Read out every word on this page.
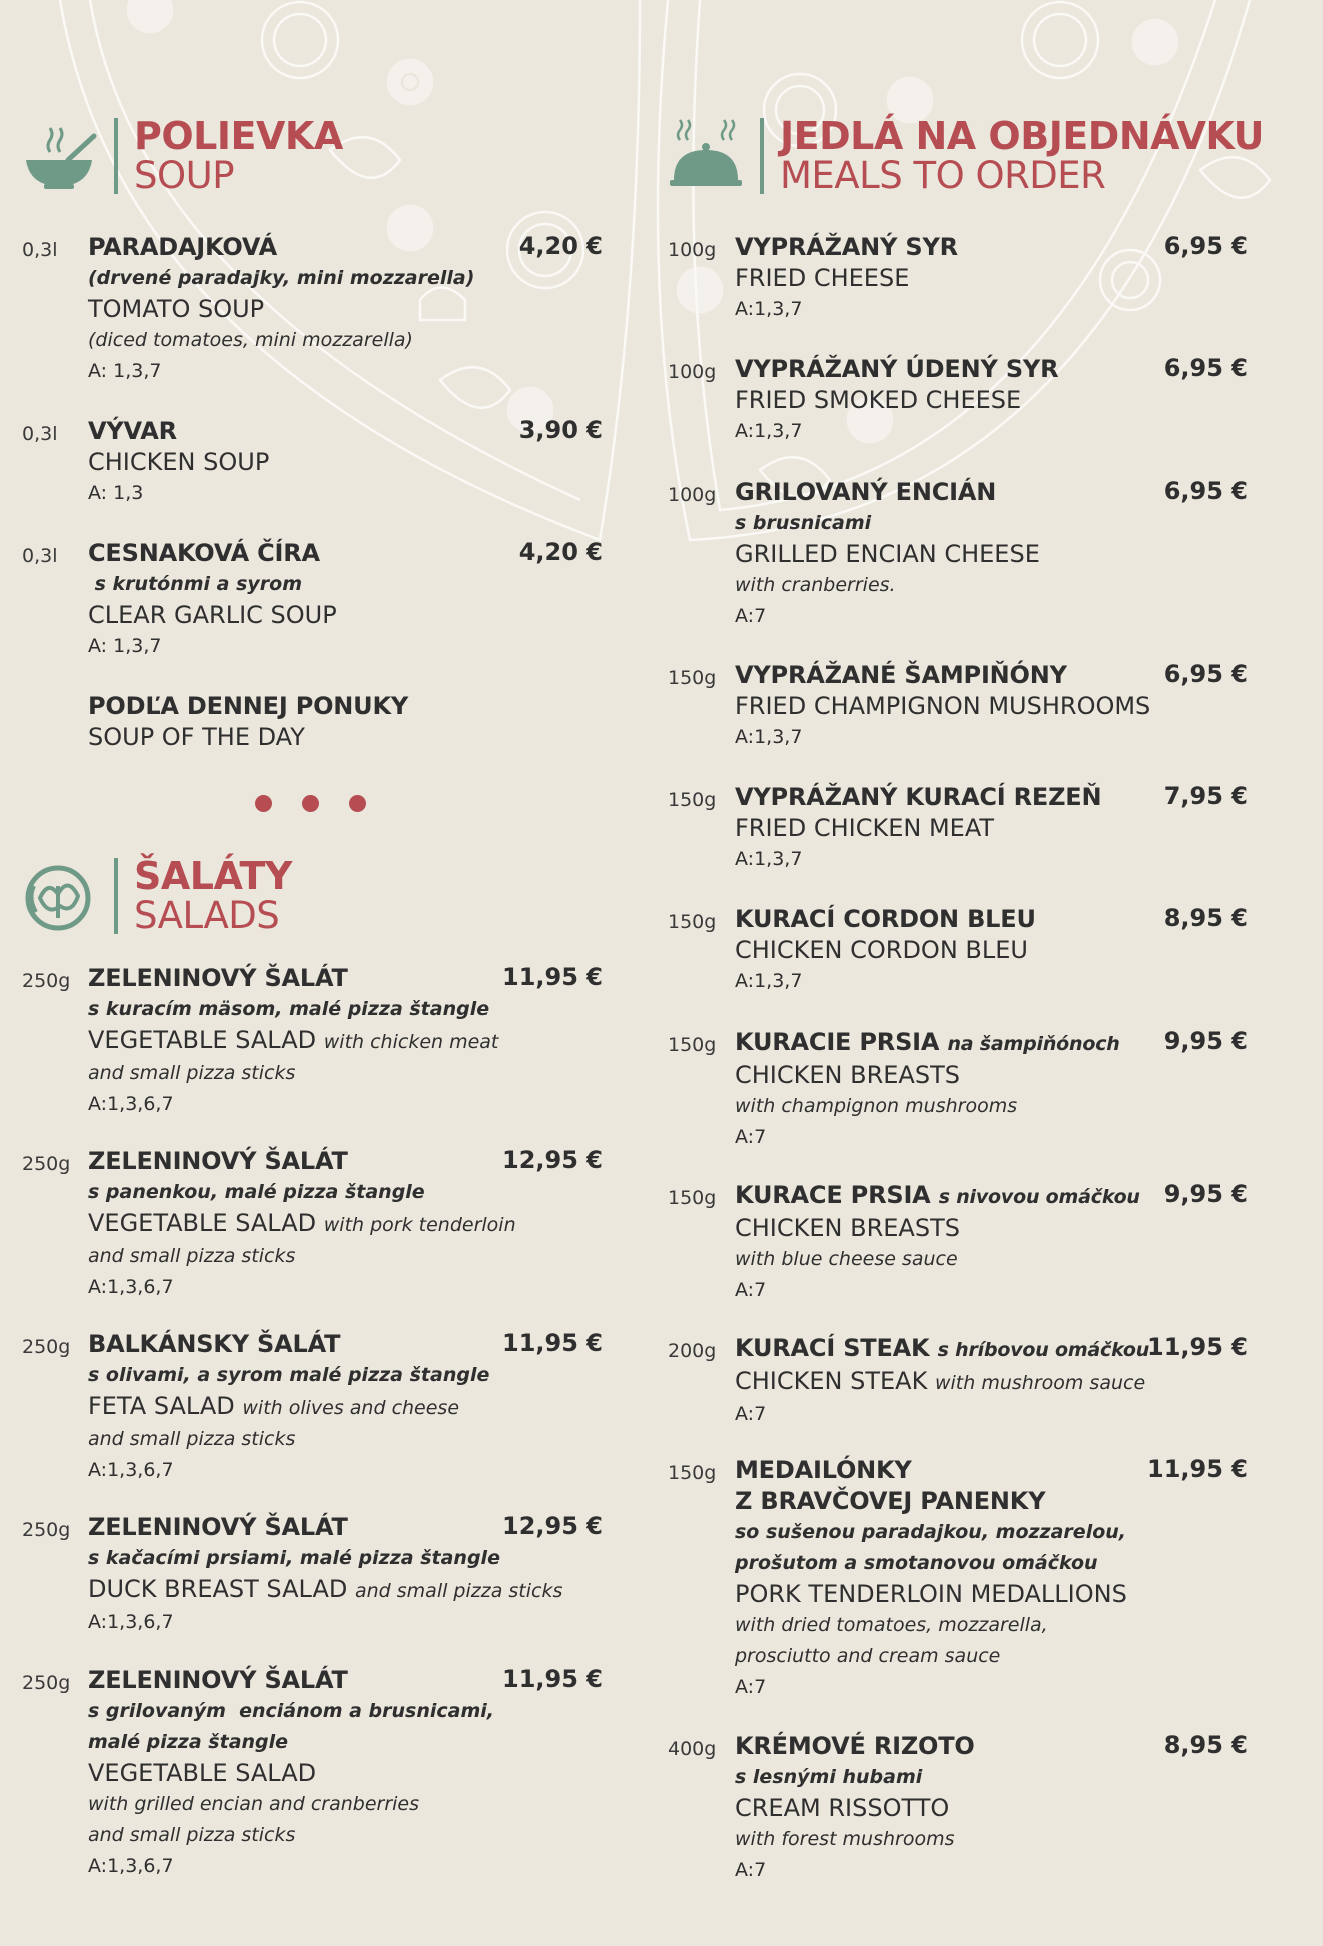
POLIEVKA
SOUP
0,3l PARADAJKOVÁ
(drvené paradajky, mini mozzarella)
TOMATO SOUP
(diced tomatoes, mini mozzarella)
A: 1,3,7
4,20 €
0,3l VÝVAR
CHICKEN SOUP
A: 1,3
3,90 €
0,3l CESNAKOVÁ ČÍRA
s krutónmi a syrom
CLEAR GARLIC SOUP
A: 1,3,7
4,20 €
PODĽA DENNEJ PONUKY
SOUP OF THE DAY
ŠALÁTY
SALADS
250g ZELENINOVÝ ŠALÁT
s kuracím mäsom, malé pizza štangle
VEGETABLE SALAD with chicken meat
and small pizza sticks
A:1,3,6,7
11,95 €
250g ZELENINOVÝ ŠALÁT
s panenkou, malé pizza štangle
VEGETABLE SALAD with pork tenderloin
and small pizza sticks
A:1,3,6,7
12,95 €
250g BALKÁNSKY ŠALÁT
s olivami, a syrom malé pizza štangle
FETA SALAD with olives and cheese
and small pizza sticks
A:1,3,6,7
11,95 €
250g ZELENINOVÝ ŠALÁT
s kačacími prsiami, malé pizza štangle
DUCK BREAST SALAD and small pizza sticks
A:1,3,6,7
12,95 €
250g ZELENINOVÝ ŠALÁT
s grilovaným  enciánom a brusnicami,
malé pizza štangle
VEGETABLE SALAD
with grilled encian and cranberries
and small pizza sticks
A:1,3,6,7
11,95 €
JEDLÁ NA OBJEDNÁVKU
MEALS TO ORDER
100g VYPRÁŽANÝ SYR
FRIED CHEESE
A:1,3,7
6,95 €
100g VYPRÁŽANÝ ÚDENÝ SYR
FRIED SMOKED CHEESE
A:1,3,7
6,95 €
100g GRILOVANÝ ENCIÁN
s brusnicami
GRILLED ENCIAN CHEESE
with cranberries.
A:7
6,95 €
150g VYPRÁŽANÉ ŠAMPIŇÓNY
FRIED CHAMPIGNON MUSHROOMS
A:1,3,7
6,95 €
150g VYPRÁŽANÝ KURACÍ REZEŇ
FRIED CHICKEN MEAT
A:1,3,7
7,95 €
150g KURACÍ CORDON BLEU
CHICKEN CORDON BLEU
A:1,3,7
8,95 €
150g KURACIE PRSIA na šampiňónoch
CHICKEN BREASTS
with champignon mushrooms
A:7
9,95 €
150g KURACE PRSIA s nivovou omáčkou
CHICKEN BREASTS
with blue cheese sauce
A:7
9,95 €
200g KURACÍ STEAK s hríbovou omáčkou
CHICKEN STEAK with mushroom sauce
A:7
11,95 €
150g MEDAILÓNKY
Z BRAVČOVEJ PANENKY
so sušenou paradajkou, mozzarelou,
prošutom a smotanovou omáčkou
PORK TENDERLOIN MEDALLIONS
with dried tomatoes, mozzarella,
prosciutto and cream sauce
A:7
11,95 €
400g KRÉMOVÉ RIZOTO
s lesnými hubami
CREAM RISSOTTO
with forest mushrooms
A:7
8,95 €
